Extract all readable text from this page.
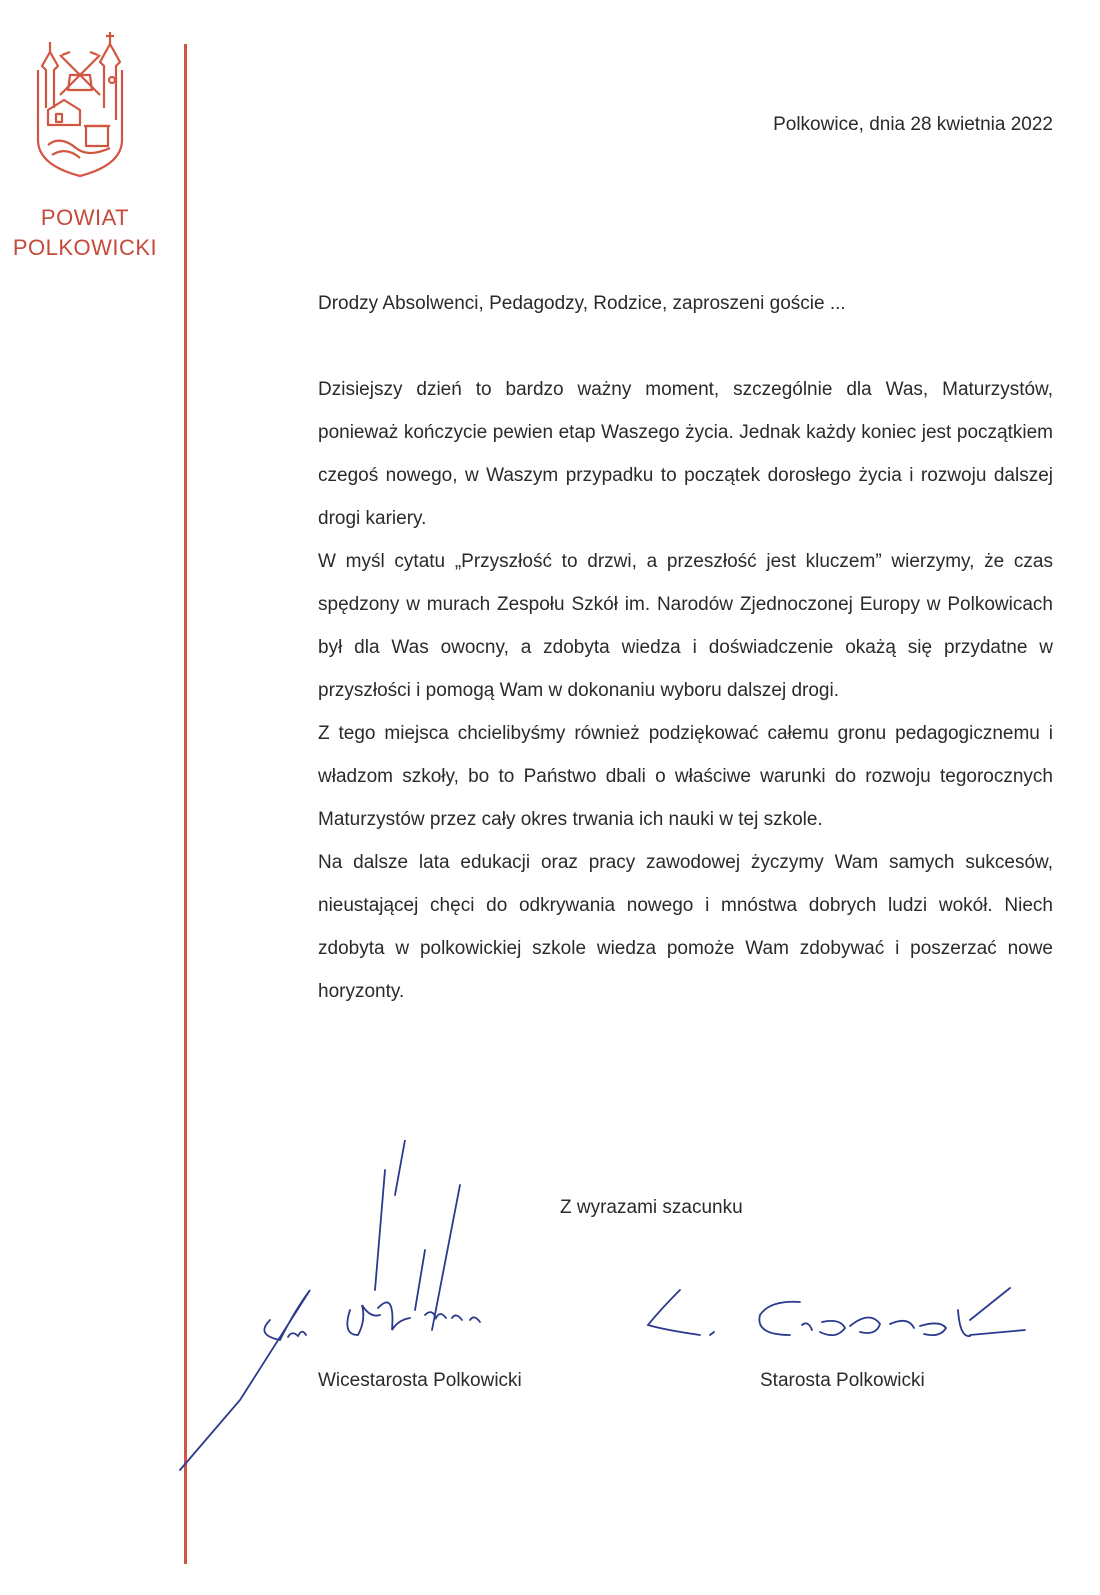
POWIAT
POLKOWICKI
Polkowice, dnia 28 kwietnia 2022
Drodzy Absolwenci, Pedagodzy, Rodzice, zaproszeni goście ...

Dzisiejszy dzień to bardzo ważny moment, szczególnie dla Was, Maturzystów, ponieważ kończycie pewien etap Waszego życia. Jednak każdy koniec jest początkiem czegoś nowego, w Waszym przypadku to początek dorosłego życia i rozwoju dalszej drogi kariery.

W myśl cytatu „Przyszłość to drzwi, a przeszłość jest kluczem” wierzymy, że czas spędzony w murach Zespołu Szkół im. Narodów Zjednoczonej Europy w Polkowicach był dla Was owocny, a zdobyta wiedza i doświadczenie okażą się przydatne w przyszłości i pomogą Wam w dokonaniu wyboru dalszej drogi.

Z tego miejsca chcielibyśmy również podziękować całemu gronu pedagogicznemu i władzom szkoły, bo to Państwo dbali o właściwe warunki do rozwoju tegorocznych Maturzystów przez cały okres trwania ich nauki w tej szkole.

Na dalsze lata edukacji oraz pracy zawodowej życzymy Wam samych sukcesów, nieustającej chęci do odkrywania nowego i mnóstwa dobrych ludzi wokół. Niech zdobyta w polkowickiej szkole wiedza pomoże Wam zdobywać i poszerzać nowe horyzonty.

Z wyrazami szacunku
Wicestarosta Polkowicki	Starosta Polkowicki
